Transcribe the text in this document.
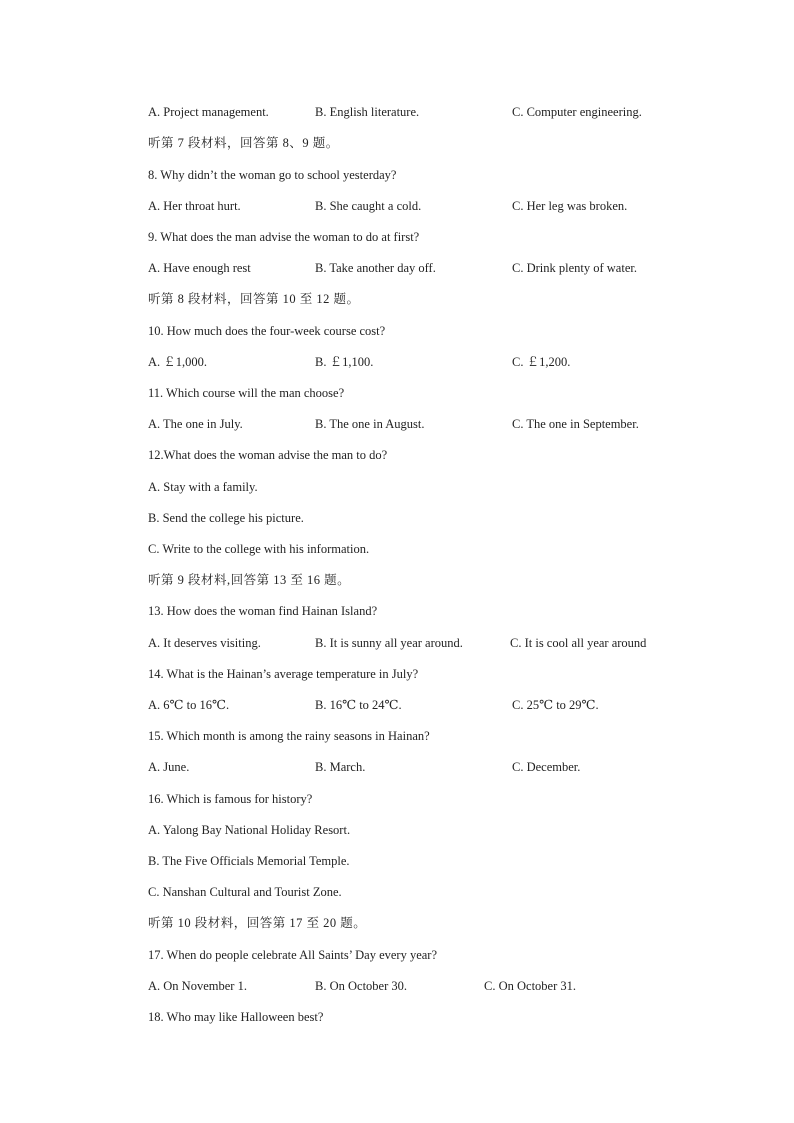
A. Project management.	B. English literature.	C. Computer engineering.
听第 7 段材料，回答第 8、9 题。
8. Why didn’t the woman go to school yesterday?
A. Her throat hurt.	B. She caught a cold.	C. Her leg was broken.
9. What does the man advise the woman to do at first?
A. Have enough rest	B. Take another day off.	C. Drink plenty of water.
听第 8 段材料，回答第 10 至 12 题。
10. How much does the four-week course cost?
A. ￡1,000.	B. ￡1,100.	C. ￡1,200.
11. Which course will the man choose?
A. The one in July.	B. The one in August.	C. The one in September.
12.What does the woman advise the man to do?
A. Stay with a family.
B. Send the college his picture.
C. Write to the college with his information.
听第 9 段材料,回答第 13 至 16 题。
13. How does the woman find Hainan Island?
A. It deserves visiting.	B. It is sunny all year around.	C. It is cool all year around
14. What is the Hainan’s average temperature in July?
A. 6℃ to 16℃.	B. 16℃ to 24℃.	C. 25℃ to 29℃.
15. Which month is among the rainy seasons in Hainan?
A. June.	B. March.	C. December.
16. Which is famous for history?
A. Yalong Bay National Holiday Resort.
B. The Five Officials Memorial Temple.
C. Nanshan Cultural and Tourist Zone.
听第 10 段材料，回答第 17 至 20 题。
17. When do people celebrate All Saints’ Day every year?
A. On November 1.	B. On October 30.	C. On October 31.
18. Who may like Halloween best?
